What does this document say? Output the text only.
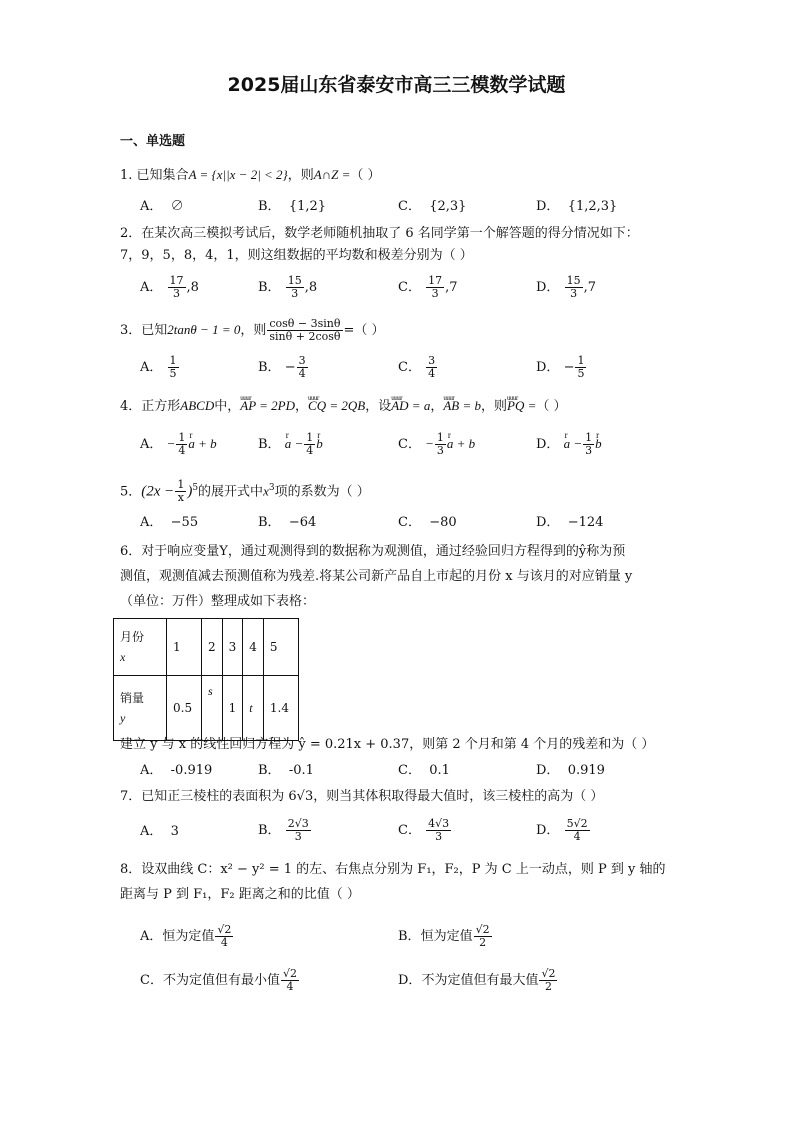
2025届山东省泰安市高三三模数学试题
一、单选题
1. 已知集合A = {x||x − 2| < 2}，则A∩Z =（ ）
A． ∅	B． {1,2}	C． {2,3}	D． {1,2,3}
2．在某次高三模拟考试后，数学老师随机抽取了 6 名同学第一个解答题的得分情况如下：
7，9，5，8，4，1，则这组数据的平均数和极差分别为（ ）
A． $\frac{17}{3} ,8$	B． $\frac{15}{3} ,8$	C． $\frac{17}{3} ,7$	D． $\frac{15}{3} ,7$
3．已知2tanθ − 1 = 0，则 $\frac{\cos\theta - 3\sin\theta}{\sin\theta + 2\cos\theta}$ =（ ）
A． $\frac{1}{5}$	B． − $\frac{3}{4}$	C． $\frac{3}{4}$	D． − $\frac{1}{5}$
4．正方形ABCD中，uuur AP = 2PD，uuur CQ = 2QB，设uuur AD = a，uuur AB = b，则uuur PQ =（ ）
A． − $\frac{1}{4}$ r a + b	B． r $a - \frac{1}{4}$ r b	C． − $\frac{1}{3}$ r a + b	D． r $a - \frac{1}{3}$ r b
5．$(2x - \frac{1}{x} )^5$的展开式中$x^3$项的系数为（ ）
A． −55	B． −64	C． −80	D． −124
6．对于响应变量Y，通过观测得到的数据称为观测值，通过经验回归方程得到的ŷ称为预
测值，观测值减去预测值称为残差.将某公司新产品自上市起的月份 x 与该月的对应销量 y
（单位：万件）整理成如下表格：
月份
x	1	2	3	4	5
销量
y	0.5	s	1	t	1.4
建立 y 与 x 的线性回归方程为 ŷ = 0.21x + 0.37，则第 2 个月和第 4 个月的残差和为（ ）
A． -0.919	B． -0.1	C． 0.1	D． 0.919
7．已知正三棱柱的表面积为 6√3，则当其体积取得最大值时，该三棱柱的高为（ ）
A． 3	B． $\frac{2√3}{3}$	C． $\frac{4√3}{3}$	D． $\frac{5√2}{4}$
8．设双曲线 C：x² − y² = 1 的左、右焦点分别为 F₁，F₂，P 为 C 上一动点，则 P 到 y 轴的
距离与 P 到 F₁，F₂ 距离之和的比值（ ）
A．恒为定值 $\frac{√2}{4}$	B．恒为定值 $\frac{√2}{2}$
C．不为定值但有最小值 $\frac{√2}{4}$	D．不为定值但有最大值 $\frac{√2}{2}$
